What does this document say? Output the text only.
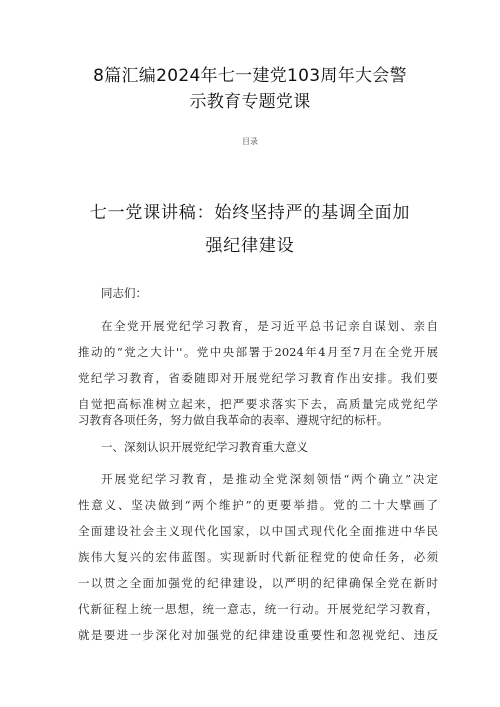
8篇汇编2024年七一建党103周年大会警
示教育专题党课
目录
七一党课讲稿：始终坚持严的基调全面加
强纪律建设
同志们：
在全党开展党纪学习教育，是习近平总书记亲自谋划、亲自
推动的“党之大计''。党中央部署于2024年4月至7月在全党开展
党纪学习教育，省委随即对开展党纪学习教育作出安排。我们要
自觉把高标准树立起来，把严要求落实下去，高质量完成党纪学
一、深刻认识开展党纪学习教育重大意义
开展党纪学习教育，是推动全党深刻领悟“两个确立”决定
性意义、坚决做到“两个维护”的更要举措。党的二十大擘画了
全面建设社会主义现代化国家，以中国式现代化全面推进中华民
族伟大复兴的宏伟蓝图。实现新时代新征程党的使命任务，必须
一以贯之全面加强党的纪律建设，以严明的纪律确保全党在新时
代新征程上统一思想，统一意志，统一行动。开展党纪学习教育，
就是要进一步深化对加强党的纪律建设重要性和忽视党纪、违反
习教育各项任务，努力做自我革命的表率、遵规守纪的标杆。
